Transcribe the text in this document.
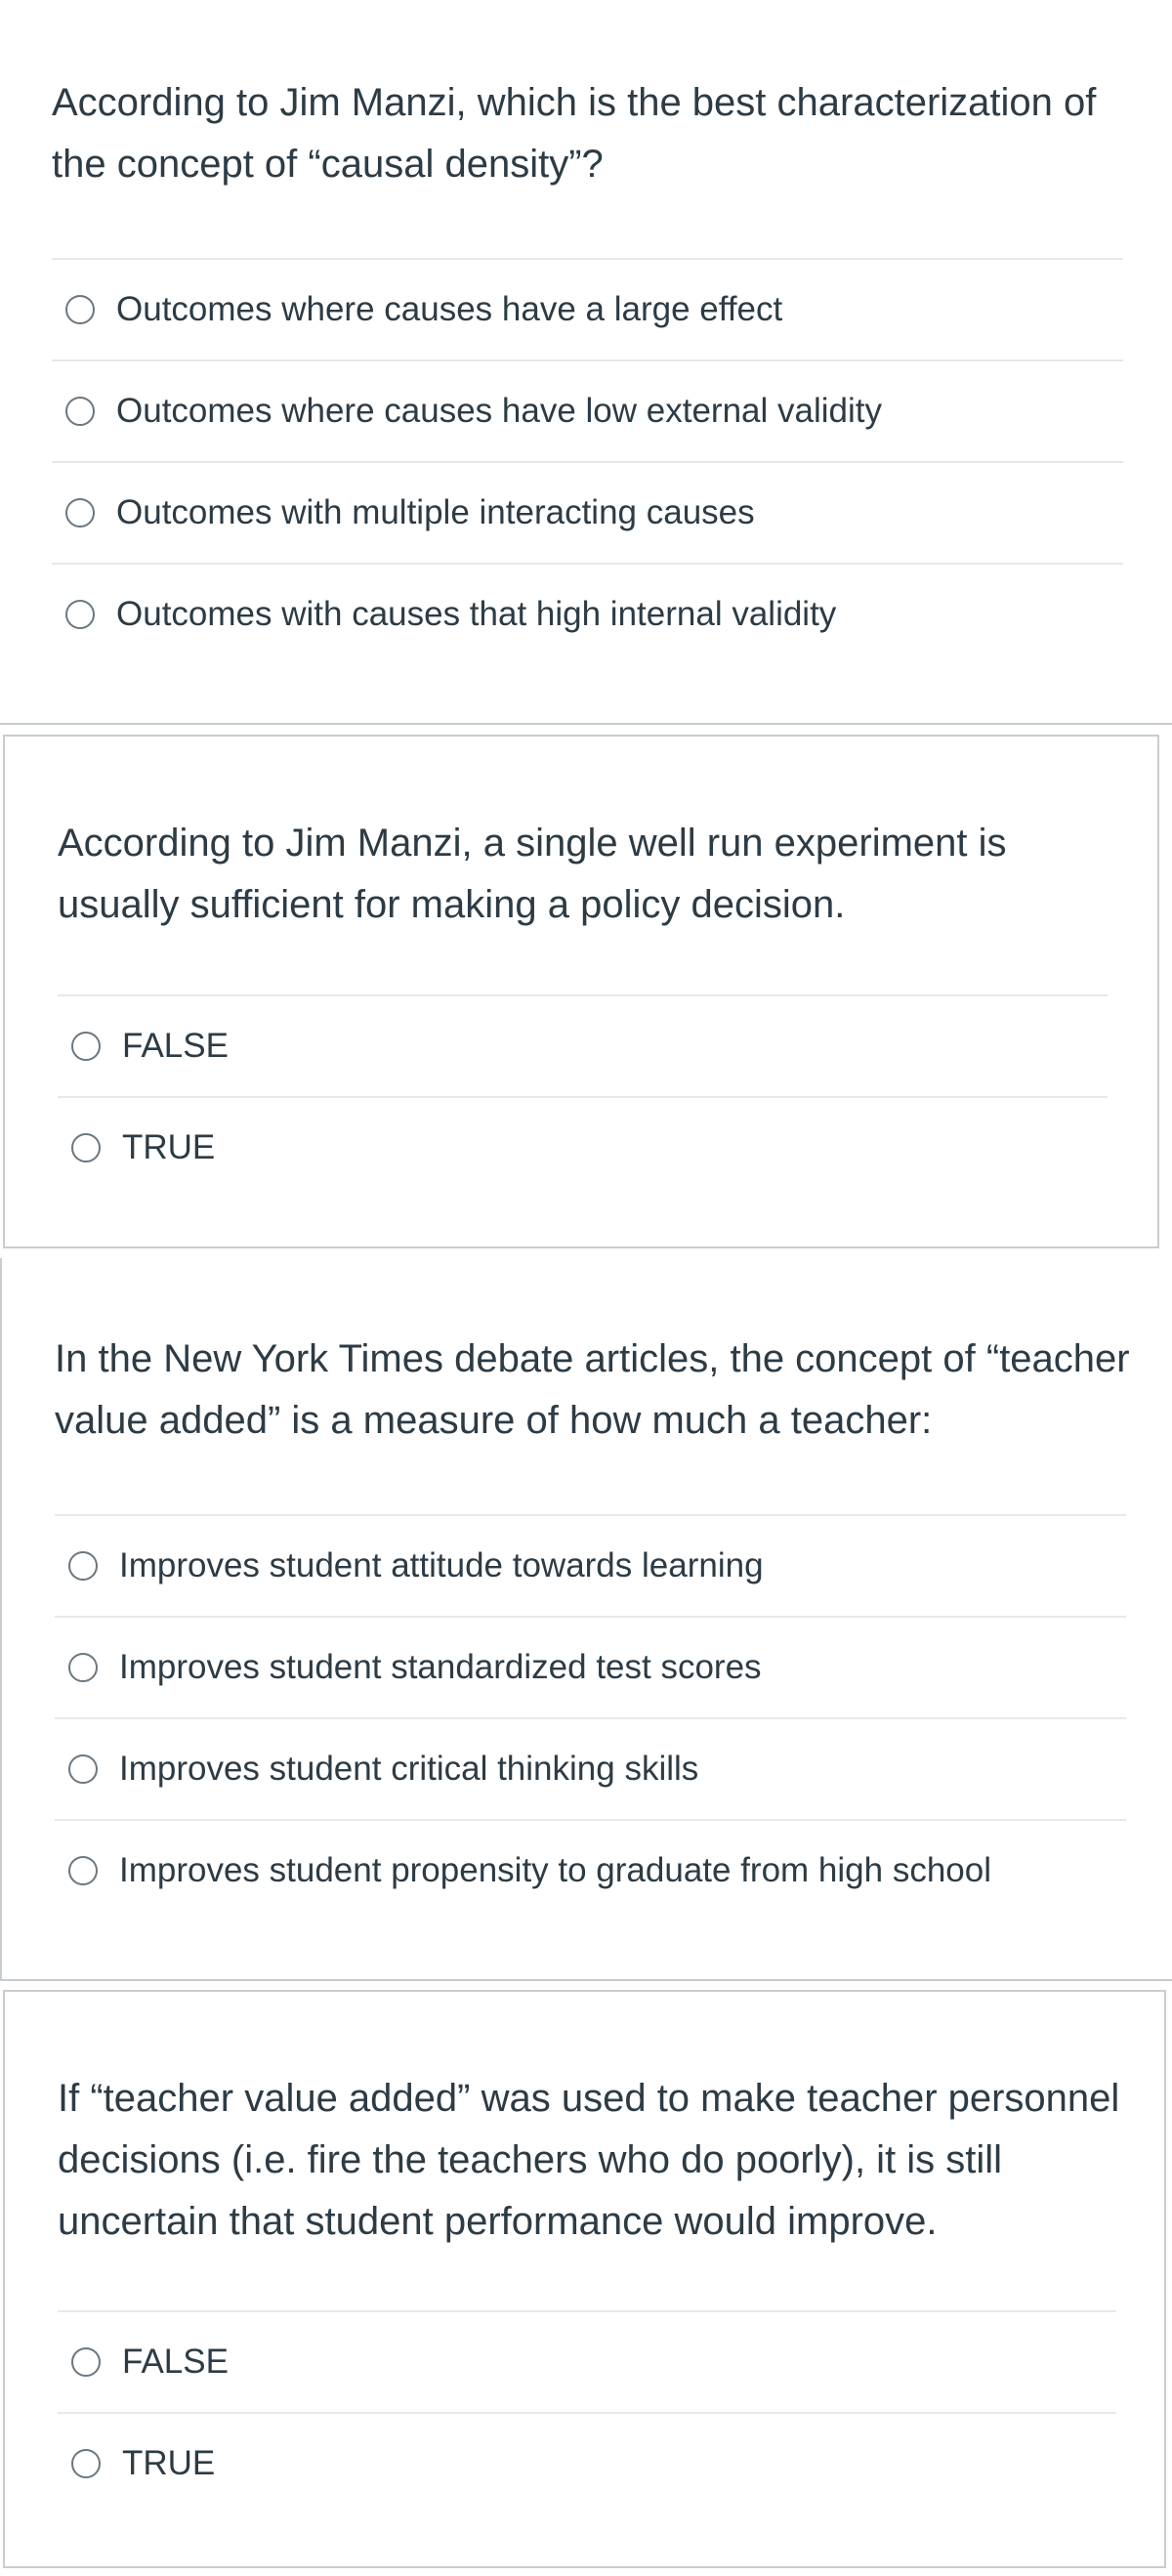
According to Jim Manzi, which is the best characterization of the concept of “causal density”?

Outcomes where causes have a large effect
Outcomes where causes have low external validity
Outcomes with multiple interacting causes
Outcomes with causes that high internal validity

According to Jim Manzi, a single well run experiment is usually sufficient for making a policy decision.

FALSE
TRUE

In the New York Times debate articles, the concept of “teacher value added” is a measure of how much a teacher:

Improves student attitude towards learning
Improves student standardized test scores
Improves student critical thinking skills
Improves student propensity to graduate from high school

If “teacher value added” was used to make teacher personnel decisions (i.e. fire the teachers who do poorly), it is still uncertain that student performance would improve.

FALSE
TRUE
